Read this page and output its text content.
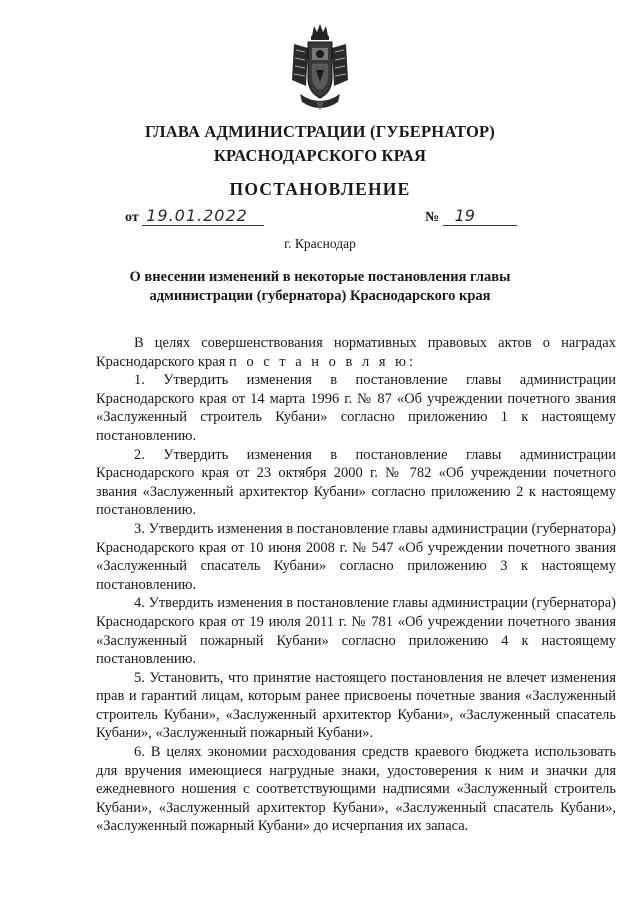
ГЛАВА АДМИНИСТРАЦИИ (ГУБЕРНАТОР)
КРАСНОДАРСКОГО КРАЯ
ПОСТАНОВЛЕНИЕ
от 19.01.2022	№ 19
г. Краснодар
О внесении изменений в некоторые постановления главы администрации (губернатора) Краснодарского края

В целях совершенствования нормативных правовых актов о наградах Краснодарского края п о с т а н о в л я ю:

1. Утвердить изменения в постановление главы администрации Краснодарского края от 14 марта 1996 г. № 87 «Об учреждении почетного звания «Заслуженный строитель Кубани» согласно приложению 1 к настоящему постановлению.

2. Утвердить изменения в постановление главы администрации Краснодарского края от 23 октября 2000 г. № 782 «Об учреждении почетного звания «Заслуженный архитектор Кубани» согласно приложению 2 к настоящему постановлению.

3. Утвердить изменения в постановление главы администрации (губернатора) Краснодарского края от 10 июня 2008 г. № 547 «Об учреждении почетного звания «Заслуженный спасатель Кубани» согласно приложению 3 к настоящему постановлению.

4. Утвердить изменения в постановление главы администрации (губернатора) Краснодарского края от 19 июля 2011 г. № 781 «Об учреждении почетного звания «Заслуженный пожарный Кубани» согласно приложению 4 к настоящему постановлению.

5. Установить, что принятие настоящего постановления не влечет изменения прав и гарантий лицам, которым ранее присвоены почетные звания «Заслуженный строитель Кубани», «Заслуженный архитектор Кубани», «Заслуженный спасатель Кубани», «Заслуженный пожарный Кубани».

6. В целях экономии расходования средств краевого бюджета использовать для вручения имеющиеся нагрудные знаки, удостоверения к ним и значки для ежедневного ношения с соответствующими надписями «Заслуженный строитель Кубани», «Заслуженный архитектор Кубани», «Заслуженный спасатель Кубани», «Заслуженный пожарный Кубани» до исчерпания их запаса.
